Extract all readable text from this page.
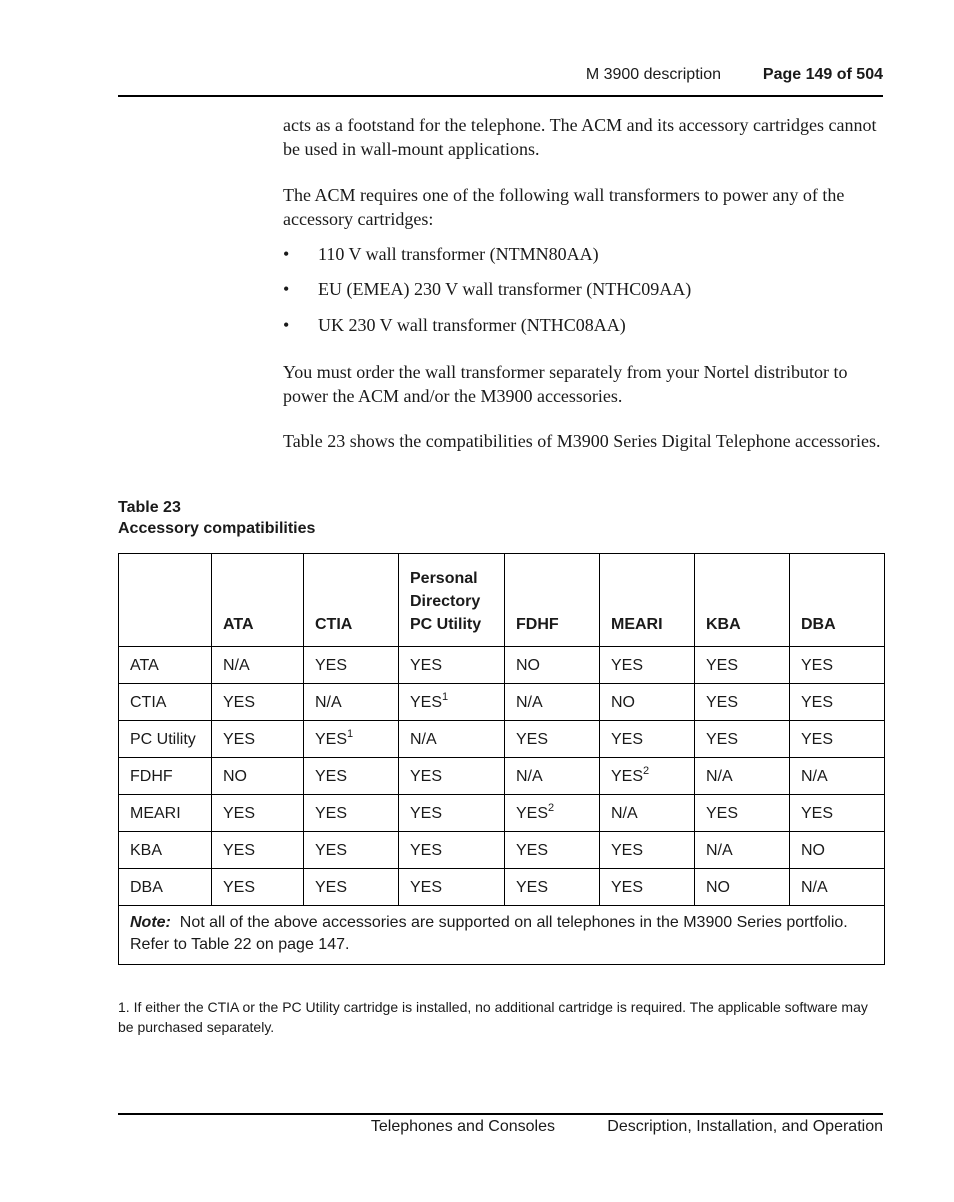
M 3900 description	Page 149 of 504

acts as a footstand for the telephone. The ACM and its accessory cartridges cannot be used in wall-mount applications.

The ACM requires one of the following wall transformers to power any of the accessory cartridges:

• 110 V wall transformer (NTMN80AA)
• EU (EMEA) 230 V wall transformer (NTHC09AA)
• UK 230 V wall transformer (NTHC08AA)

You must order the wall transformer separately from your Nortel distributor to power the ACM and/or the M3900 accessories.

Table 23 shows the compatibilities of M3900 Series Digital Telephone accessories.

Table 23
Accessory compatibilities
	ATA	CTIA	Personal Directory PC Utility	FDHF	MEARI	KBA	DBA
ATA	N/A	YES	YES	NO	YES	YES	YES
CTIA	YES	N/A	YES$^1$	N/A	NO	YES	YES
PC Utility	YES	YES$^1$	N/A	YES	YES	YES	YES
FDHF	NO	YES	YES	N/A	YES$^2$	N/A	N/A
MEARI	YES	YES	YES	YES$^2$	N/A	YES	YES
KBA	YES	YES	YES	YES	YES	N/A	NO
DBA	YES	YES	YES	YES	YES	NO	N/A
Note: Not all of the above accessories are supported on all telephones in the M3900 Series portfolio. Refer to Table 22 on page 147.							
1. If either the CTIA or the PC Utility cartridge is installed, no additional cartridge is required. The applicable software may be purchased separately.
Telephones and Consoles	Description, Installation, and Operation
